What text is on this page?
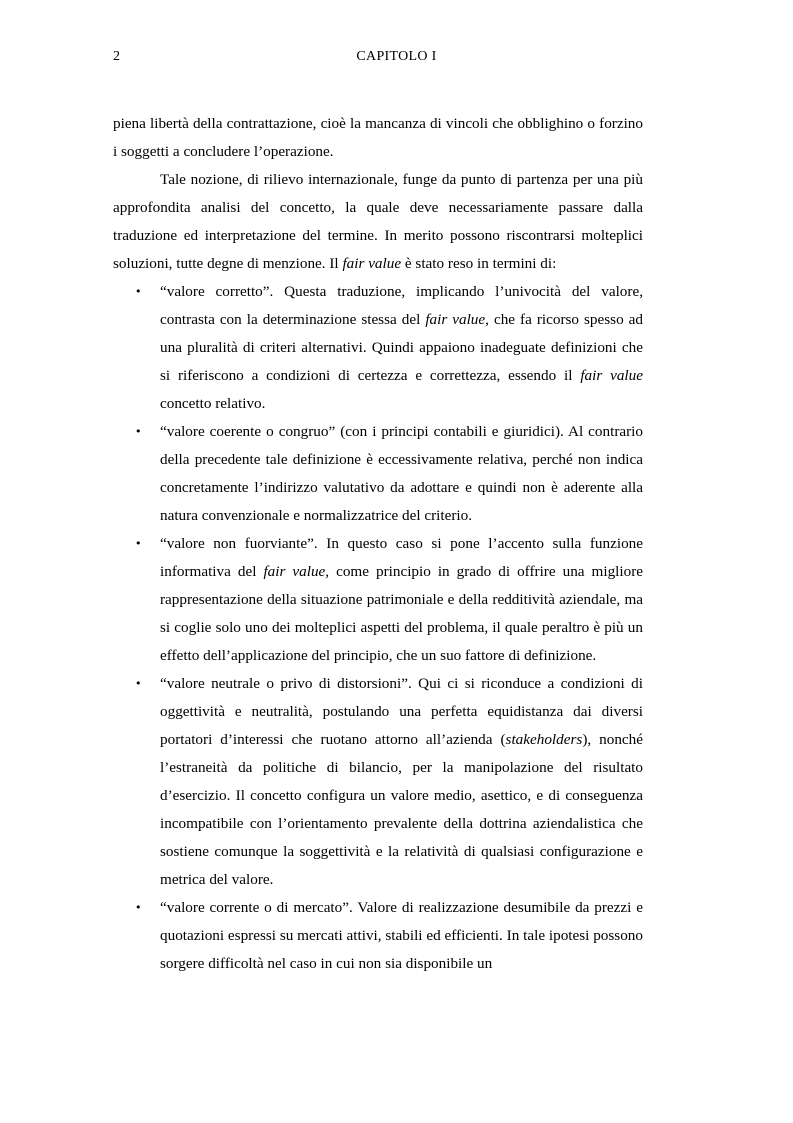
2	CAPITOLO I

piena libertà della contrattazione, cioè la mancanza di vincoli che obblighino o forzino i soggetti a concludere l’operazione.

Tale nozione, di rilievo internazionale, funge da punto di partenza per una più approfondita analisi del concetto, la quale deve necessariamente passare dalla traduzione ed interpretazione del termine. In merito possono riscontrarsi molteplici soluzioni, tutte degne di menzione. Il fair value è stato reso in termini di:

• “valore corretto”. Questa traduzione, implicando l’univocità del valore, contrasta con la determinazione stessa del fair value, che fa ricorso spesso ad una pluralità di criteri alternativi. Quindi appaiono inadeguate definizioni che si riferiscono a condizioni di certezza e correttezza, essendo il fair value concetto relativo.
• “valore coerente o congruo” (con i principi contabili e giuridici). Al contrario della precedente tale definizione è eccessivamente relativa, perché non indica concretamente l’indirizzo valutativo da adottare e quindi non è aderente alla natura convenzionale e normalizzatrice del criterio.
• “valore non fuorviante”. In questo caso si pone l’accento sulla funzione informativa del fair value, come principio in grado di offrire una migliore rappresentazione della situazione patrimoniale e della redditività aziendale, ma si coglie solo uno dei molteplici aspetti del problema, il quale peraltro è più un effetto dell’applicazione del principio, che un suo fattore di definizione.
• “valore neutrale o privo di distorsioni”. Qui ci si riconduce a condizioni di oggettività e neutralità, postulando una perfetta equidistanza dai diversi portatori d’interessi che ruotano attorno all’azienda (stakeholders), nonché l’estraneità da politiche di bilancio, per la manipolazione del risultato d’esercizio. Il concetto configura un valore medio, asettico, e di conseguenza incompatibile con l’orientamento prevalente della dottrina aziendalistica che sostiene comunque la soggettività e la relatività di qualsiasi configurazione e metrica del valore.
• “valore corrente o di mercato”. Valore di realizzazione desumibile da prezzi e quotazioni espressi su mercati attivi, stabili ed efficienti. In tale ipotesi possono sorgere difficoltà nel caso in cui non sia disponibile un
